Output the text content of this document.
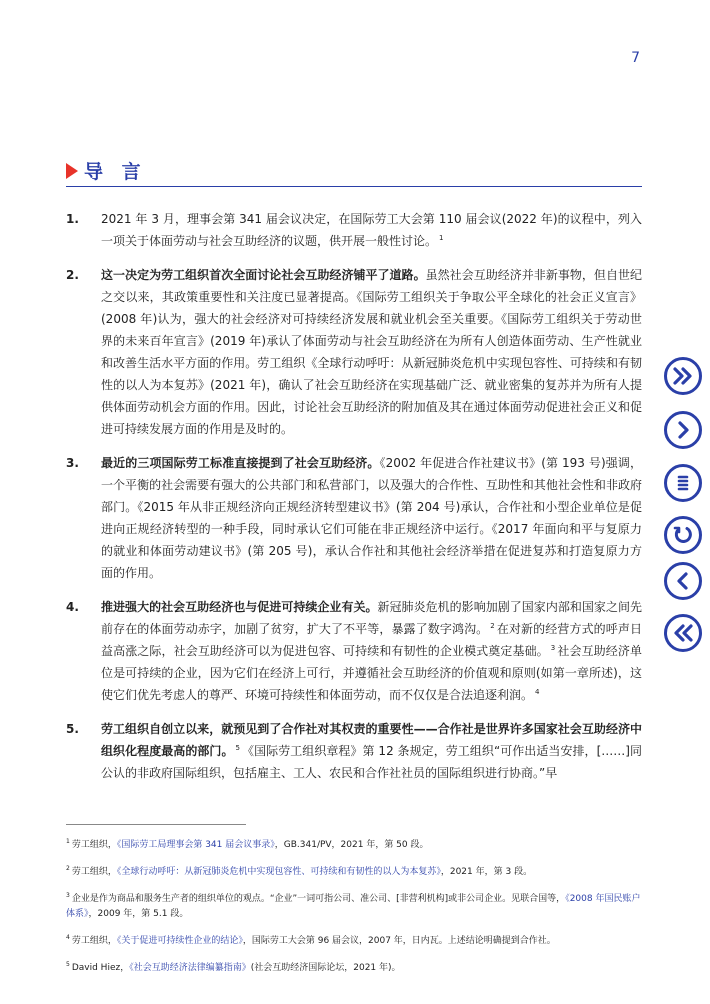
7
导 言
1.	2021 年 3 月，理事会第 341 届会议决定，在国际劳工大会第 110 届会议(2022 年)的议程中，列入一项关于体面劳动与社会互助经济的议题，供开展一般性讨论。 $^1$
2.	这一决定为劳工组织首次全面讨论社会互助经济铺平了道路。虽然社会互助经济并非新事物，但自世纪之交以来，其政策重要性和关注度已显著提高。《国际劳工组织关于争取公平全球化的社会正义宣言》(2008 年)认为，强大的社会经济对可持续经济发展和就业机会至关重要。《国际劳工组织关于劳动世界的未来百年宣言》(2019 年)承认了体面劳动与社会互助经济在为所有人创造体面劳动、生产性就业和改善生活水平方面的作用。劳工组织《全球行动呼吁：从新冠肺炎危机中实现包容性、可持续和有韧性的以人为本复苏》(2021 年)，确认了社会互助经济在实现基础广泛、就业密集的复苏并为所有人提供体面劳动机会方面的作用。因此，讨论社会互助经济的附加值及其在通过体面劳动促进社会正义和促进可持续发展方面的作用是及时的。
3.	最近的三项国际劳工标准直接提到了社会互助经济。《2002 年促进合作社建议书》(第 193 号)强调，一个平衡的社会需要有强大的公共部门和私营部门，以及强大的合作性、互助性和其他社会性和非政府部门。《2015 年从非正规经济向正规经济转型建议书》(第 204 号)承认，合作社和小型企业单位是促进向正规经济转型的一种手段，同时承认它们可能在非正规经济中运行。《2017 年面向和平与复原力的就业和体面劳动建议书》(第 205 号)，承认合作社和其他社会经济举措在促进复苏和打造复原力方面的作用。
4.	推进强大的社会互助经济也与促进可持续企业有关。新冠肺炎危机的影响加剧了国家内部和国家之间先前存在的体面劳动赤字，加剧了贫穷，扩大了不平等，暴露了数字鸿沟。 $^2$ 在对新的经营方式的呼声日益高涨之际，社会互助经济可以为促进包容、可持续和有韧性的企业模式奠定基础。 $^3$ 社会互助经济单位是可持续的企业，因为它们在经济上可行，并遵循社会互助经济的价值观和原则(如第一章所述)，这使它们优先考虑人的尊严、环境可持续性和体面劳动，而不仅仅是合法追逐利润。 $^4$
5.	劳工组织自创立以来，就预见到了合作社对其权责的重要性——合作社是世界许多国家社会互助经济中组织化程度最高的部门。 $^5$ 《国际劳工组织章程》第 12 条规定，劳工组织“可作出适当安排，[……]同公认的非政府国际组织，包括雇主、工人、农民和合作社社员的国际组织进行协商。”早
$^1$ 劳工组织，《国际劳工局理事会第 341 届会议事录》，GB.341/PV，2021 年，第 50 段。
$^2$ 劳工组织，《全球行动呼吁：从新冠肺炎危机中实现包容性、可持续和有韧性的以人为本复苏》，2021 年，第 3 段。
$^3$ 企业是作为商品和服务生产者的组织单位的观点。“企业”一词可指公司、准公司、[非营利机构]或非公司企业。见联合国等，《2008 年国民账户体系》，2009 年，第 5.1 段。
$^4$ 劳工组织，《关于促进可持续性企业的结论》，国际劳工大会第 96 届会议，2007 年，日内瓦。上述结论明确提到合作社。
$^5$ David Hiez，《社会互助经济法律编纂指南》(社会互助经济国际论坛，2021 年)。
